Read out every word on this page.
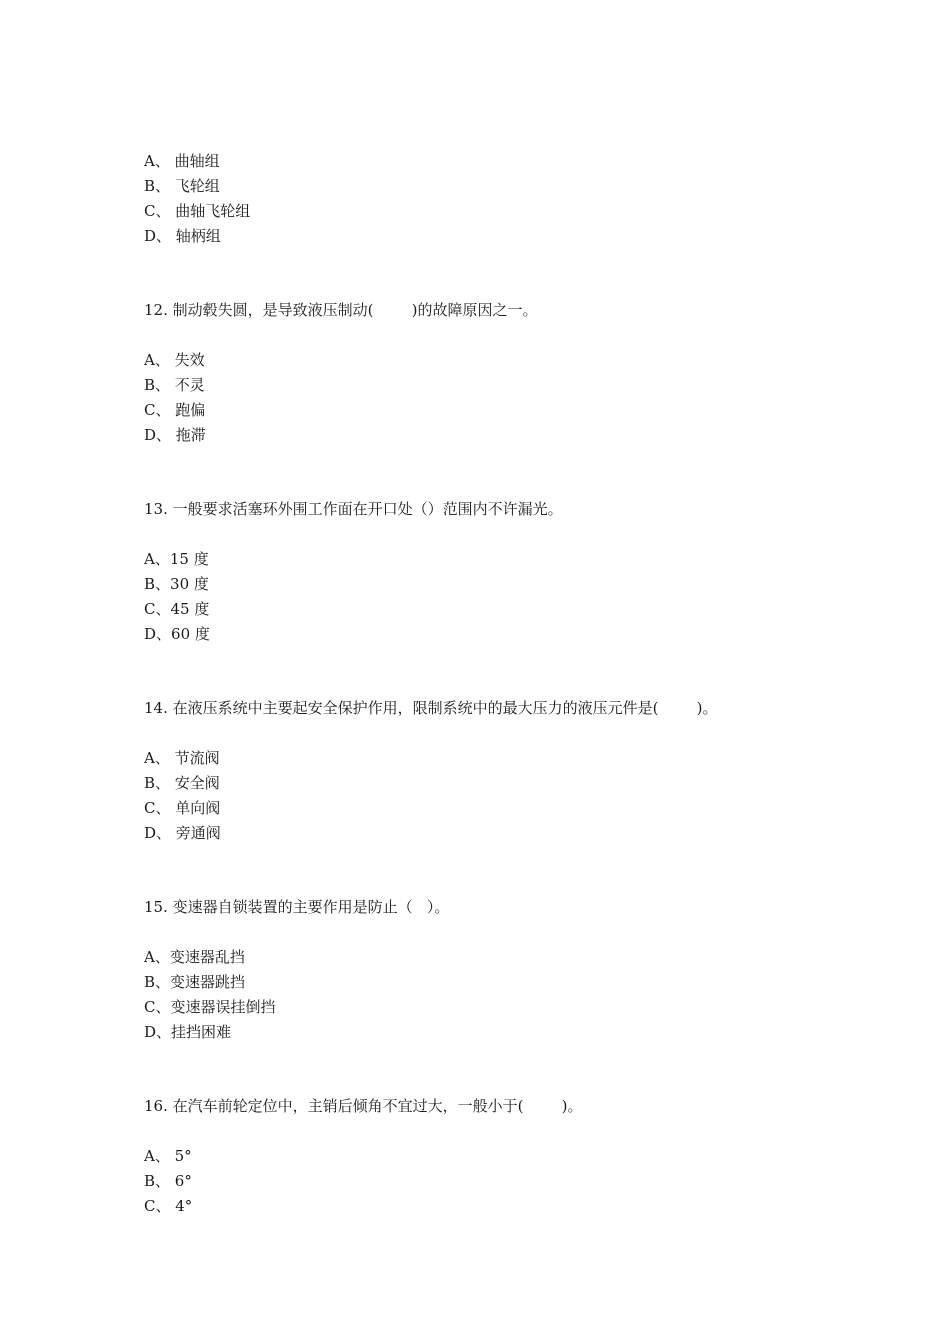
A、 曲轴组
B、 飞轮组
C、 曲轴飞轮组
D、 轴柄组
12. 制动毂失圆，是导致液压制动(        )的故障原因之一。
A、 失效
B、 不灵
C、 跑偏
D、 拖滞
13. 一般要求活塞环外围工作面在开口处（）范围内不许漏光。
A、15 度
B、30 度
C、45 度
D、60 度
14. 在液压系统中主要起安全保护作用，限制系统中的最大压力的液压元件是(        )。
A、 节流阀
B、 安全阀
C、 单向阀
D、 旁通阀
15. 变速器自锁装置的主要作用是防止（   ）。
A、变速器乱挡
B、变速器跳挡
C、变速器误挂倒挡
D、挂挡困难
16. 在汽车前轮定位中，主销后倾角不宜过大，一般小于(        )。
A、 5°
B、 6°
C、 4°
